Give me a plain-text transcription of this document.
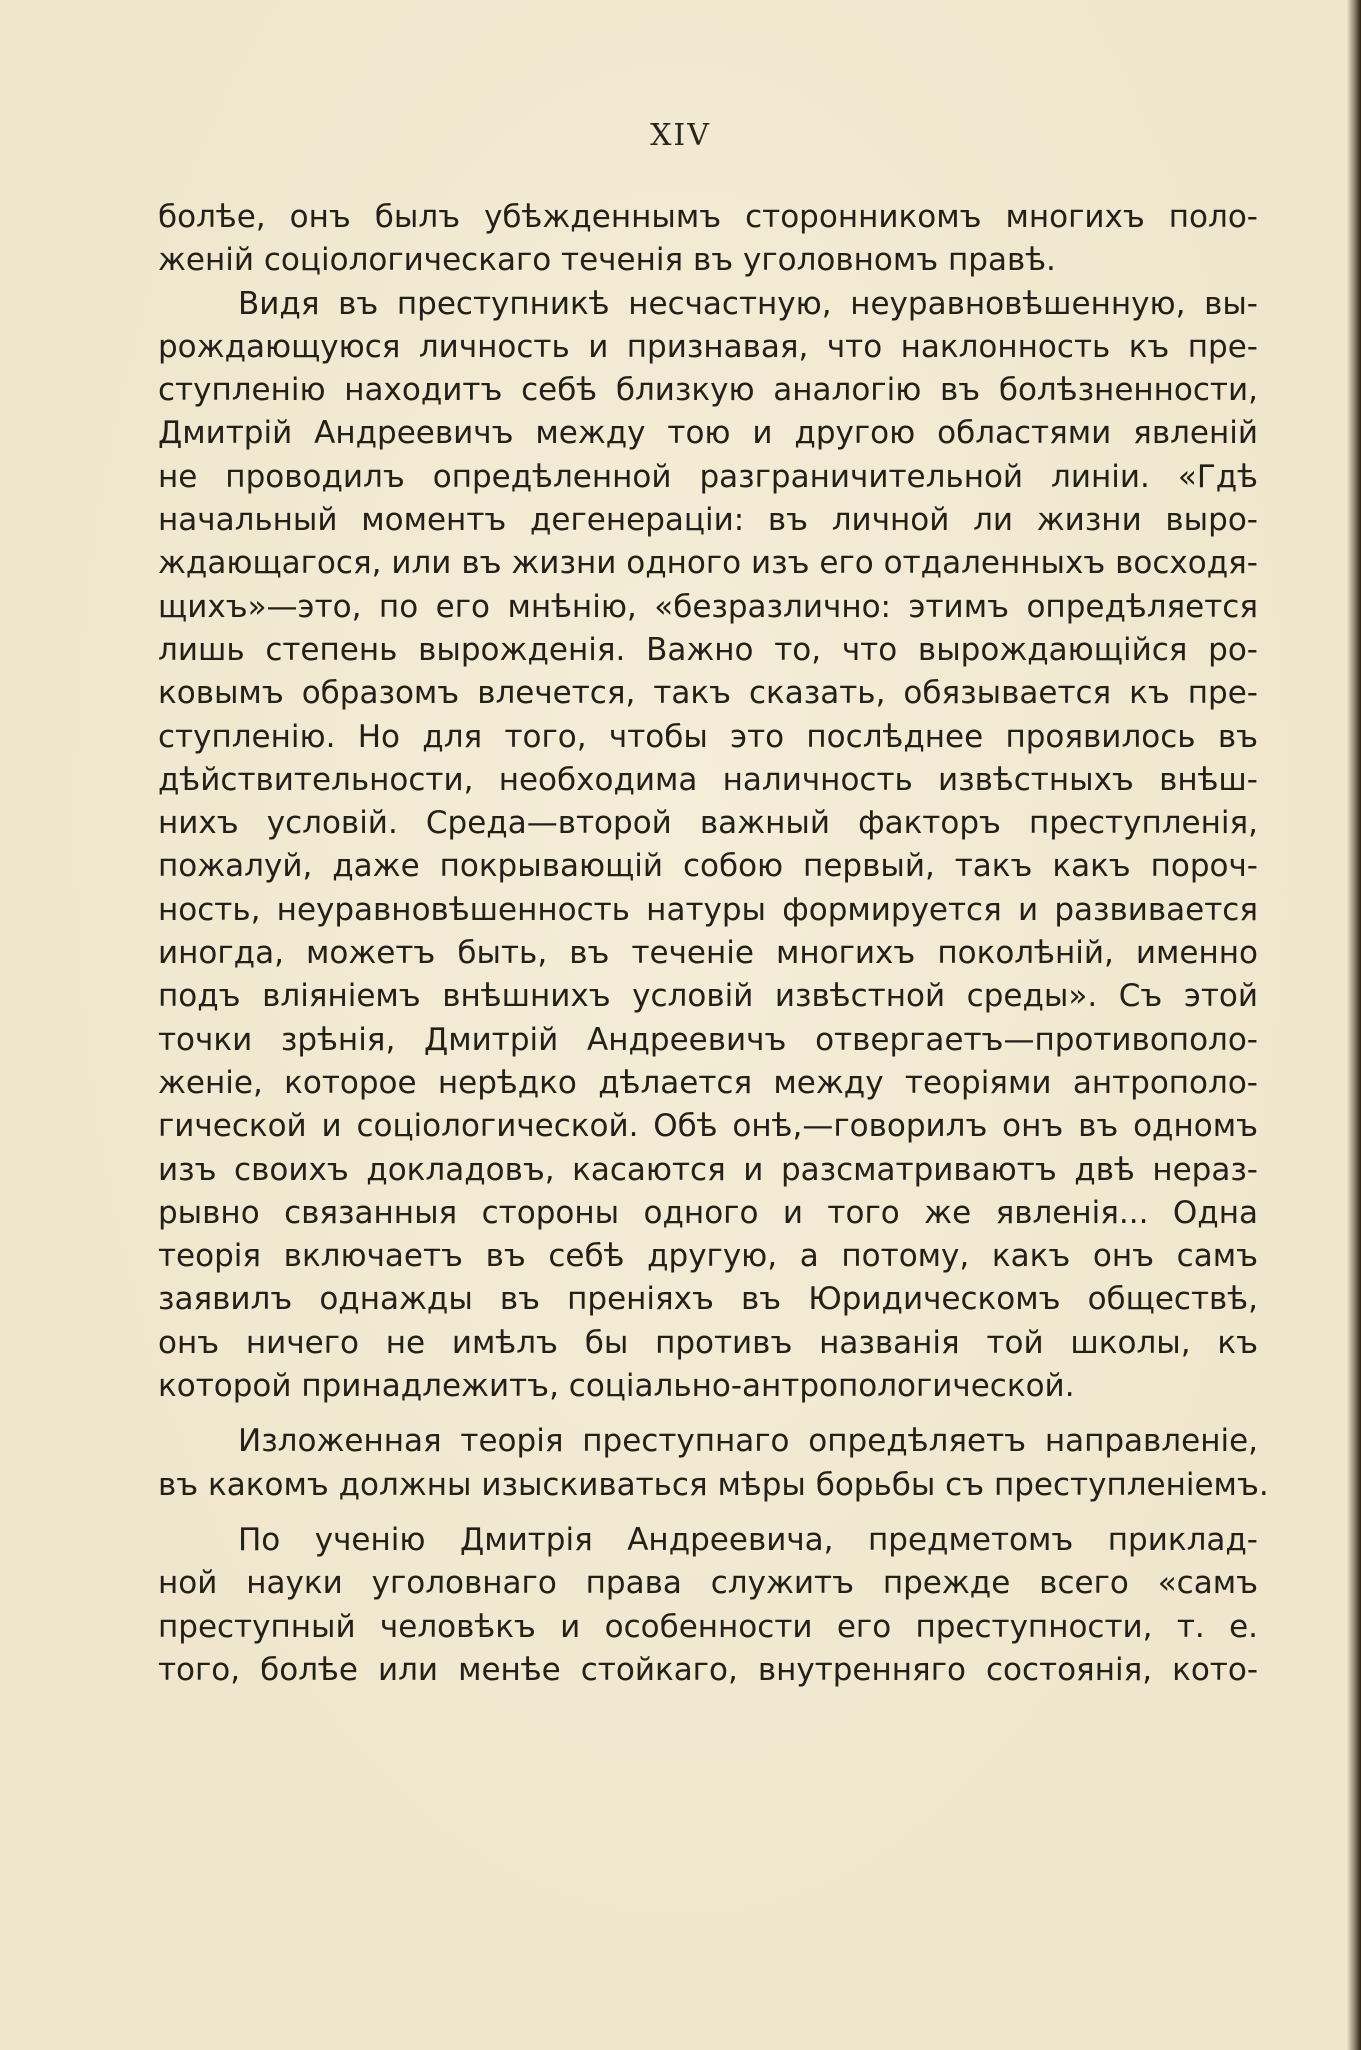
XIV
болѣе, онъ былъ убѣжденнымъ сторонникомъ многихъ поло-
женій соціологическаго теченія въ уголовномъ правѣ.
Видя въ преступникѣ несчастную, неуравновѣшенную, вы-
рождающуюся личность и признавая, что наклонность къ пре-
ступленію находитъ себѣ близкую аналогію въ болѣзненности,
Дмитрій Андреевичъ между тою и другою областями явленій
не проводилъ опредѣленной разграничительной линіи. «Гдѣ
начальный моментъ дегенераціи: въ личной ли жизни выро-
ждающагося, или въ жизни одного изъ его отдаленныхъ восходя-
щихъ»—это, по его мнѣнію, «безразлично: этимъ опредѣляется
лишь степень вырожденія. Важно то, что вырождающійся ро-
ковымъ образомъ влечется, такъ сказать, обязывается къ пре-
ступленію. Но для того, чтобы это послѣднее проявилось въ
дѣйствительности, необходима наличность извѣстныхъ внѣш-
нихъ условій. Среда—второй важный факторъ преступленія,
пожалуй, даже покрывающій собою первый, такъ какъ пороч-
ность, неуравновѣшенность натуры формируется и развивается
иногда, можетъ быть, въ теченіе многихъ поколѣній, именно
подъ вліяніемъ внѣшнихъ условій извѣстной среды». Съ этой
точки зрѣнія, Дмитрій Андреевичъ отвергаетъ—противополо-
женіе, которое нерѣдко дѣлается между теоріями антрополо-
гической и соціологической. Обѣ онѣ,—говорилъ онъ въ одномъ
изъ своихъ докладовъ, касаются и разсматриваютъ двѣ нераз-
рывно связанныя стороны одного и того же явленія... Одна
теорія включаетъ въ себѣ другую, а потому, какъ онъ самъ
заявилъ однажды въ преніяхъ въ Юридическомъ обществѣ,
онъ ничего не имѣлъ бы противъ названія той школы, къ
которой принадлежитъ, соціально-антропологической.
Изложенная теорія преступнаго опредѣляетъ направленіе,
въ какомъ должны изыскиваться мѣры борьбы съ преступленіемъ.
По ученію Дмитрія Андреевича, предметомъ приклад-
ной науки уголовнаго права служитъ прежде всего «самъ
преступный человѣкъ и особенности его преступности, т. е.
того, болѣе или менѣе стойкаго, внутренняго состоянія, кото-
